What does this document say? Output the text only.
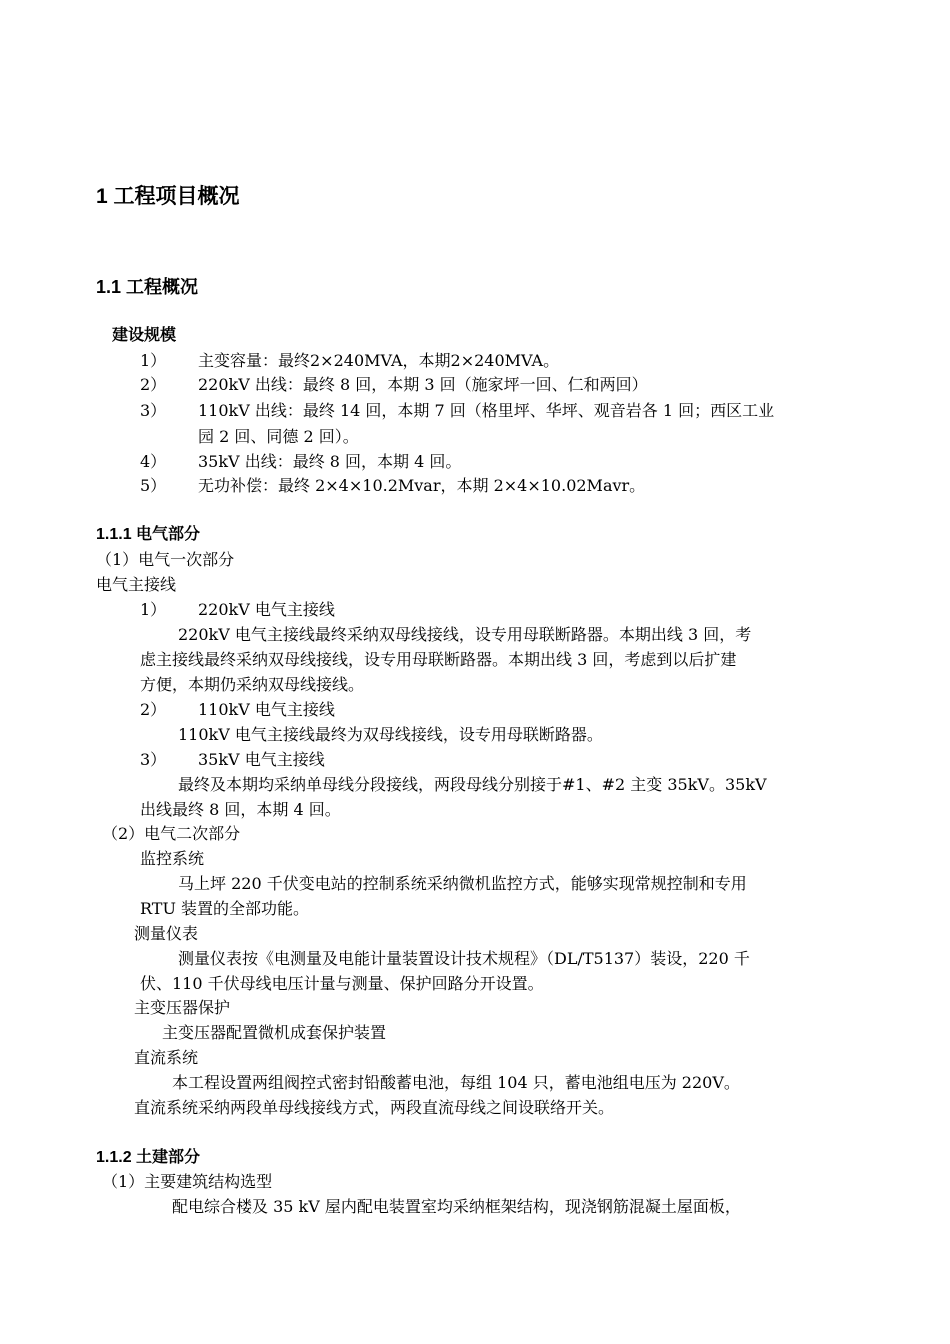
1 工程项目概况
1.1 工程概况
建设规模
1） 主变容量：最终2×240MVA，本期2×240MVA。
2） 220kV 出线：最终 8 回，本期 3 回（施家坪一回、仁和两回）
3） 110kV 出线：最终 14 回，本期 7 回（格里坪、华坪、观音岩各 1 回；西区工业
园 2 回、同德 2 回）。
4） 35kV 出线：最终 8 回，本期 4 回。
5） 无功补偿：最终 2×4×10.2Mvar，本期 2×4×10.02Mavr。
1.1.1 电气部分
（1）电气一次部分
电气主接线
1） 220kV 电气主接线
220kV 电气主接线最终采纳双母线接线，设专用母联断路器。本期出线 3 回，考
虑主接线最终采纳双母线接线，设专用母联断路器。本期出线 3 回，考虑到以后扩建
方便，本期仍采纳双母线接线。
2） 110kV 电气主接线
110kV 电气主接线最终为双母线接线，设专用母联断路器。
3） 35kV 电气主接线
最终及本期均采纳单母线分段接线，两段母线分别接于#1、#2 主变 35kV。35kV
出线最终 8 回，本期 4 回。
（2）电气二次部分
监控系统
马上坪 220 千伏变电站的控制系统采纳微机监控方式，能够实现常规控制和专用
RTU 装置的全部功能。
测量仪表
测量仪表按《电测量及电能计量装置设计技术规程》（DL/T5137）装设，220 千
伏、110 千伏母线电压计量与测量、保护回路分开设置。
主变压器保护
主变压器配置微机成套保护装置
直流系统
本工程设置两组阀控式密封铅酸蓄电池，每组 104 只，蓄电池组电压为 220V。
直流系统采纳两段单母线接线方式，两段直流母线之间设联络开关。
1.1.2 土建部分
（1）主要建筑结构选型
配电综合楼及 35 kV 屋内配电装置室均采纳框架结构，现浇钢筋混凝土屋面板，
